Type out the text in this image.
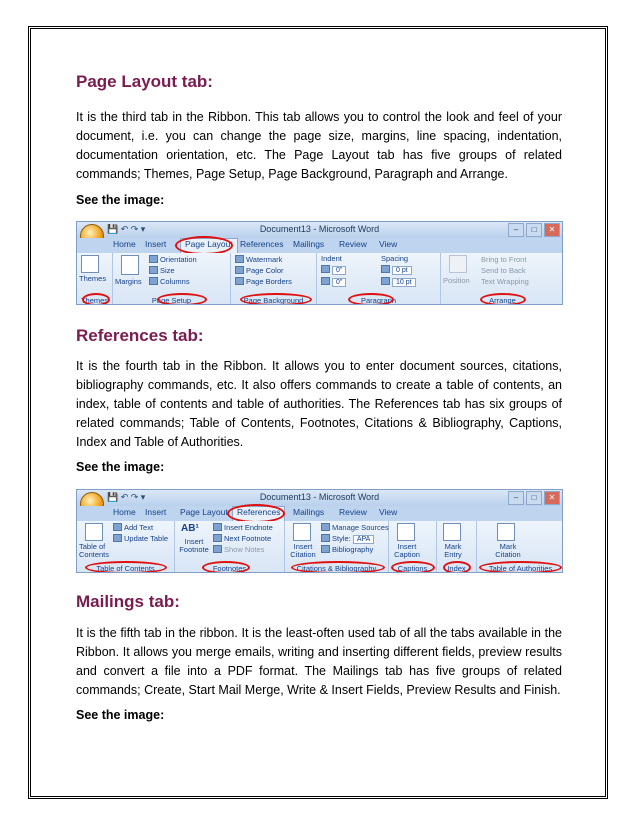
Page Layout tab:

It is the third tab in the Ribbon. This tab allows you to control the look and feel of your document, i.e. you can change the page size, margins, line spacing, indentation, documentation orientation, etc. The Page Layout tab has five groups of related commands; Themes, Page Setup, Page Background, Paragraph and Arrange.

See the image:

💾 ↶ ↷ ▾	Document13 - Microsoft Word	–	□	✕
Home Insert	Page Layout References Mailings Review View
Themes
Themes
Margins
Orientation
Size
Columns
Page Setup
Watermark
Page Color
Page Borders
Page Background
Indent	Spacing
0"
0"
0 pt
10 pt
Paragraph
Position
Bring to Front
Send to Back
Text Wrapping
Arrange
References tab:

It is the fourth tab in the Ribbon. It allows you to enter document sources, citations, bibliography commands, etc. It also offers commands to create a table of contents, an index, table of contents and table of authorities. The References tab has six groups of related commands; Table of Contents, Footnotes, Citations & Bibliography, Captions, Index and Table of Authorities.

See the image:

💾 ↶ ↷ ▾	Document13 - Microsoft Word	–	□	✕
Home Insert Page Layout	References	Mailings Review View
Table of Contents
Add Text
Update Table
Table of Contents
AB¹
Insert Footnote
Insert Endnote
Next Footnote
Show Notes
Footnotes
Insert Citation
Manage Sources
Style: APA
Bibliography
Citations & Bibliography
Insert Caption
Captions
Mark Entry
Index
Mark Citation
Table of Authorities
Mailings tab:

It is the fifth tab in the ribbon. It is the least-often used tab of all the tabs available in the Ribbon. It allows you merge emails, writing and inserting different fields, preview results and convert a file into a PDF format. The Mailings tab has five groups of related commands; Create, Start Mail Merge, Write & Insert Fields, Preview Results and Finish.

See the image:
